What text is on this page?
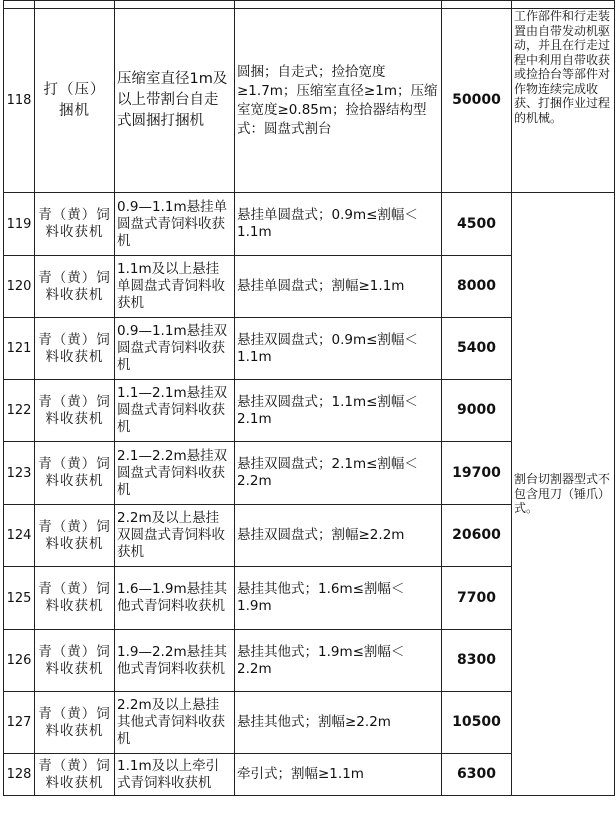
118	打（压）捆机	压缩室直径1m及以上带割台自走式圆捆打捆机	圆捆；自走式；捡拾宽度≥1.7m；压缩室直径≥1m；压缩室宽度≥0.85m；捡拾器结构型式：圆盘式割台	50000	工作部件和行走装置由自带发动机驱动，并且在行走过程中利用自带收获或捡拾台等部件对作物连续完成收获、打捆作业过程的机械。
119	青（黄）饲料收获机	0.9—1.1m悬挂单圆盘式青饲料收获机	悬挂单圆盘式；0.9m≤割幅＜1.1m	4500	割台切割器型式不包含甩刀（锤爪）式。
120	青（黄）饲料收获机	1.1m及以上悬挂单圆盘式青饲料收获机	悬挂单圆盘式；割幅≥1.1m	8000	
121	青（黄）饲料收获机	0.9—1.1m悬挂双圆盘式青饲料收获机	悬挂双圆盘式；0.9m≤割幅＜1.1m	5400	
122	青（黄）饲料收获机	1.1—2.1m悬挂双圆盘式青饲料收获机	悬挂双圆盘式；1.1m≤割幅＜2.1m	9000	
123	青（黄）饲料收获机	2.1—2.2m悬挂双圆盘式青饲料收获机	悬挂双圆盘式；2.1m≤割幅＜2.2m	19700	
124	青（黄）饲料收获机	2.2m及以上悬挂双圆盘式青饲料收获机	悬挂双圆盘式；割幅≥2.2m	20600	
125	青（黄）饲料收获机	1.6—1.9m悬挂其他式青饲料收获机	悬挂其他式；1.6m≤割幅＜1.9m	7700	
126	青（黄）饲料收获机	1.9—2.2m悬挂其他式青饲料收获机	悬挂其他式；1.9m≤割幅＜2.2m	8300	
127	青（黄）饲料收获机	2.2m及以上悬挂其他式青饲料收获机	悬挂其他式；割幅≥2.2m	10500	
128	青（黄）饲料收获机	1.1m及以上牵引式青饲料收获机	牵引式；割幅≥1.1m	6300	
